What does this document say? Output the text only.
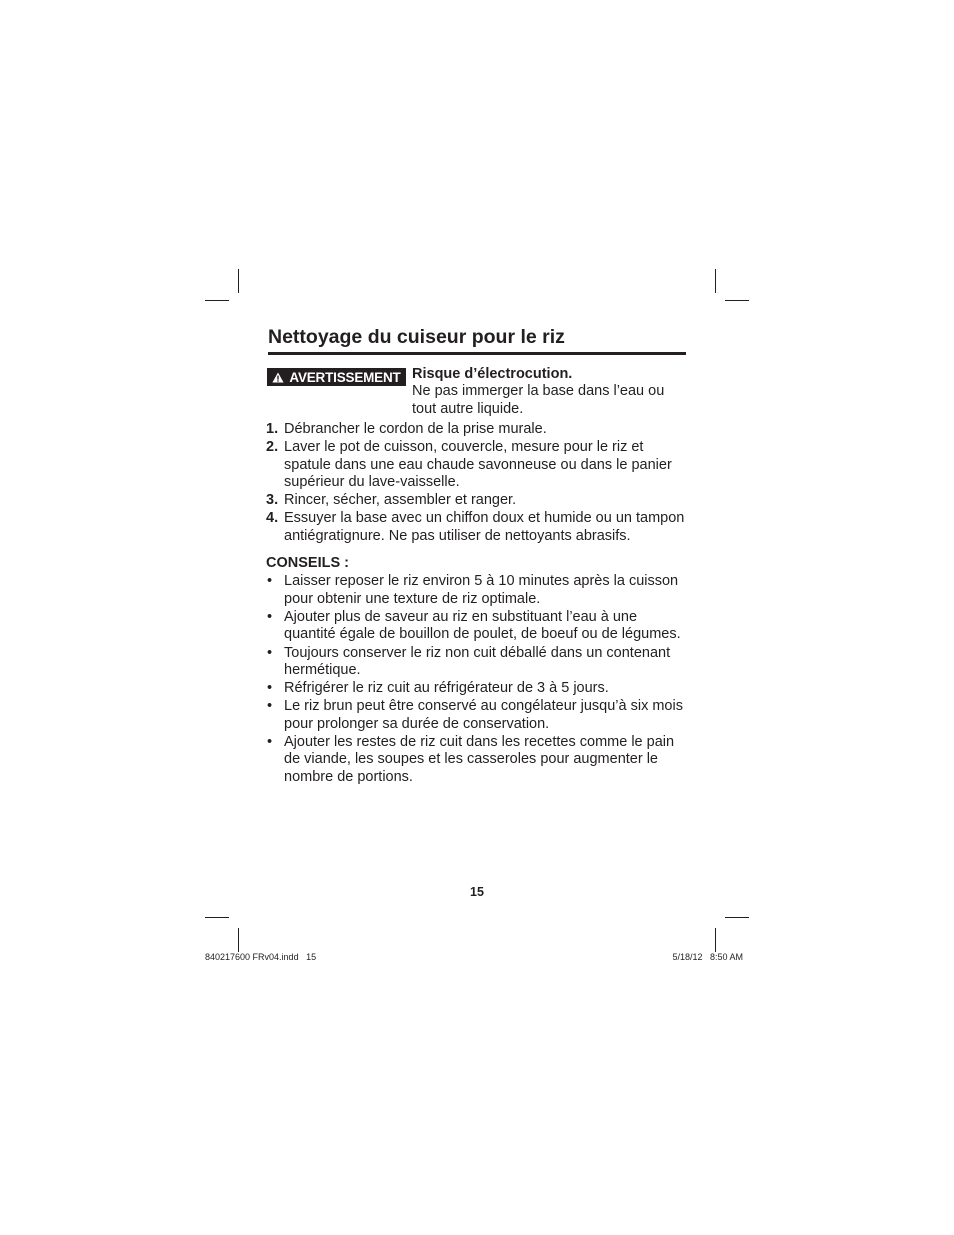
Nettoyage du cuiseur pour le riz
AVERTISSEMENT Risque d’électrocution.
Ne pas immerger la base dans l’eau ou tout autre liquide.
1. Débrancher le cordon de la prise murale.
2. Laver le pot de cuisson, couvercle, mesure pour le riz et spatule dans une eau chaude savonneuse ou dans le panier supérieur du lave-vaisselle.
3. Rincer, sécher, assembler et ranger.
4. Essuyer la base avec un chiffon doux et humide ou un tampon antiégratignure. Ne pas utiliser de nettoyants abrasifs.
CONSEILS :
• Laisser reposer le riz environ 5 à 10 minutes après la cuisson pour obtenir une texture de riz optimale.
• Ajouter plus de saveur au riz en substituant l’eau à une quantité égale de bouillon de poulet, de boeuf ou de légumes.
• Toujours conserver le riz non cuit déballé dans un contenant hermétique.
• Réfrigérer le riz cuit au réfrigérateur de 3 à 5 jours.
• Le riz brun peut être conservé au congélateur jusqu’à six mois pour prolonger sa durée de conservation.
• Ajouter les restes de riz cuit dans les recettes comme le pain de viande, les soupes et les casseroles pour augmenter le nombre de portions.
15
840217600 FRv04.indd   15	5/18/12   8:50 AM
